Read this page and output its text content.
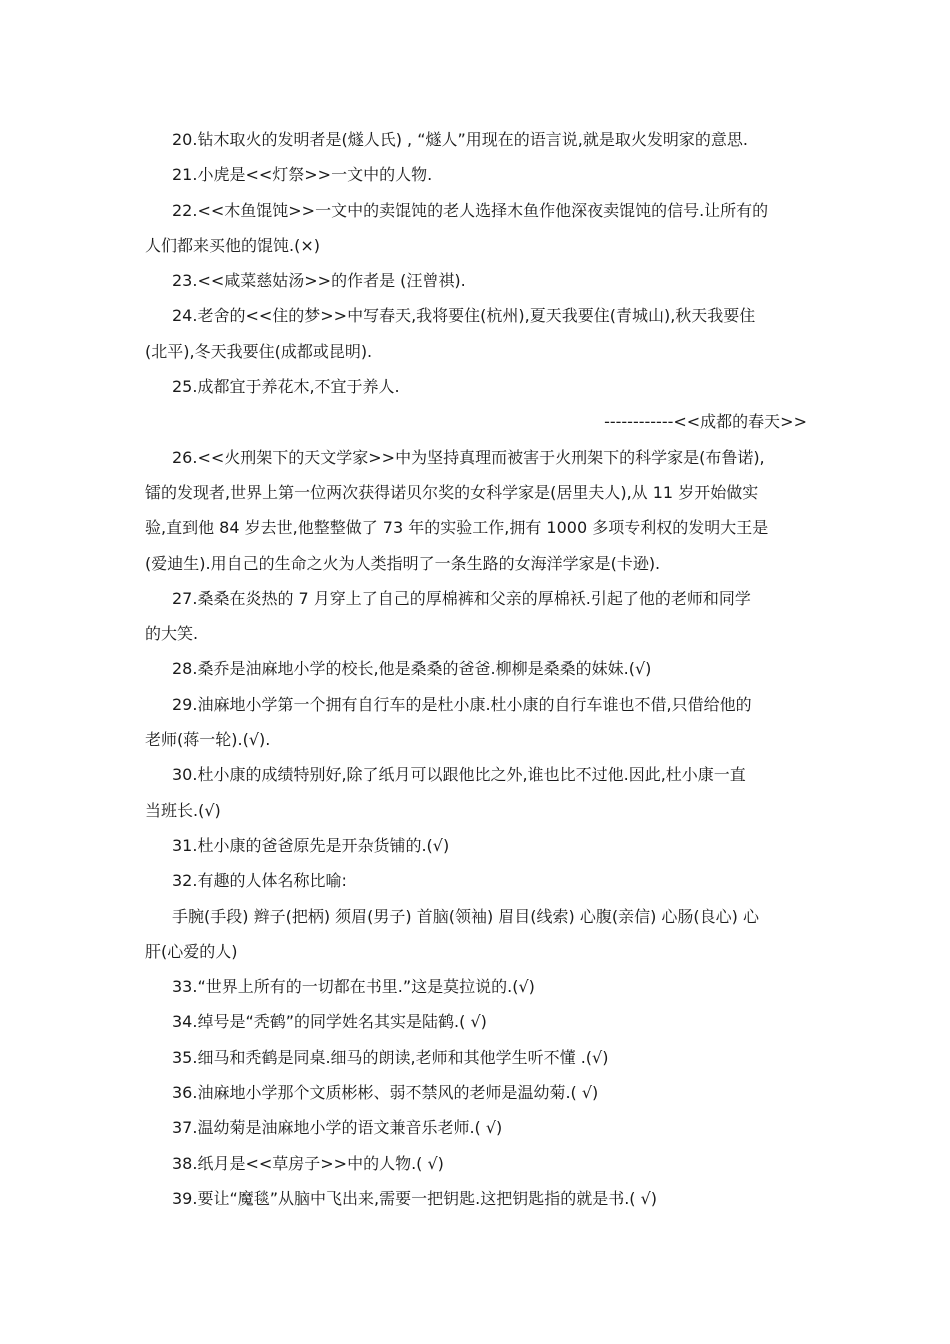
20.钻木取火的发明者是(燧人氏) , “燧人”用现在的语言说,就是取火发明家的意思.
21.小虎是<<灯祭>>一文中的人物.
22.<<木鱼馄饨>>一文中的卖馄饨的老人选择木鱼作他深夜卖馄饨的信号.让所有的
人们都来买他的馄饨.(×)
23.<<咸菜慈姑汤>>的作者是 (汪曾祺).
24.老舍的<<住的梦>>中写春天,我将要住(杭州),夏天我要住(青城山),秋天我要住
(北平),冬天我要住(成都或昆明).
25.成都宜于养花木,不宜于养人.
------------<<成都的春天>>
26.<<火刑架下的天文学家>>中为坚持真理而被害于火刑架下的科学家是(布鲁诺),
镭的发现者,世界上第一位两次获得诺贝尔奖的女科学家是(居里夫人),从 11 岁开始做实
验,直到他 84 岁去世,他整整做了 73 年的实验工作,拥有 1000 多项专利权的发明大王是
(爱迪生).用自己的生命之火为人类指明了一条生路的女海洋学家是(卡逊).
27.桑桑在炎热的 7 月穿上了自己的厚棉裤和父亲的厚棉袄.引起了他的老师和同学
的大笑.
28.桑乔是油麻地小学的校长,他是桑桑的爸爸.柳柳是桑桑的妹妹.(√)
29.油麻地小学第一个拥有自行车的是杜小康.杜小康的自行车谁也不借,只借给他的
老师(蒋一轮).(√).
30.杜小康的成绩特别好,除了纸月可以跟他比之外,谁也比不过他.因此,杜小康一直
当班长.(√)
31.杜小康的爸爸原先是开杂货铺的.(√)
32.有趣的人体名称比喻:
手腕(手段) 辫子(把柄) 须眉(男子) 首脑(领袖) 眉目(线索) 心腹(亲信) 心肠(良心) 心
肝(心爱的人)
33.“世界上所有的一切都在书里.”这是莫拉说的.(√)
34.绰号是“秃鹤”的同学姓名其实是陆鹤.( √)
35.细马和秃鹤是同桌.细马的朗读,老师和其他学生听不懂 .(√)
36.油麻地小学那个文质彬彬、弱不禁风的老师是温幼菊.( √)
37.温幼菊是油麻地小学的语文兼音乐老师.( √)
38.纸月是<<草房子>>中的人物.( √)
39.要让“魔毯”从脑中飞出来,需要一把钥匙.这把钥匙指的就是书.( √)
